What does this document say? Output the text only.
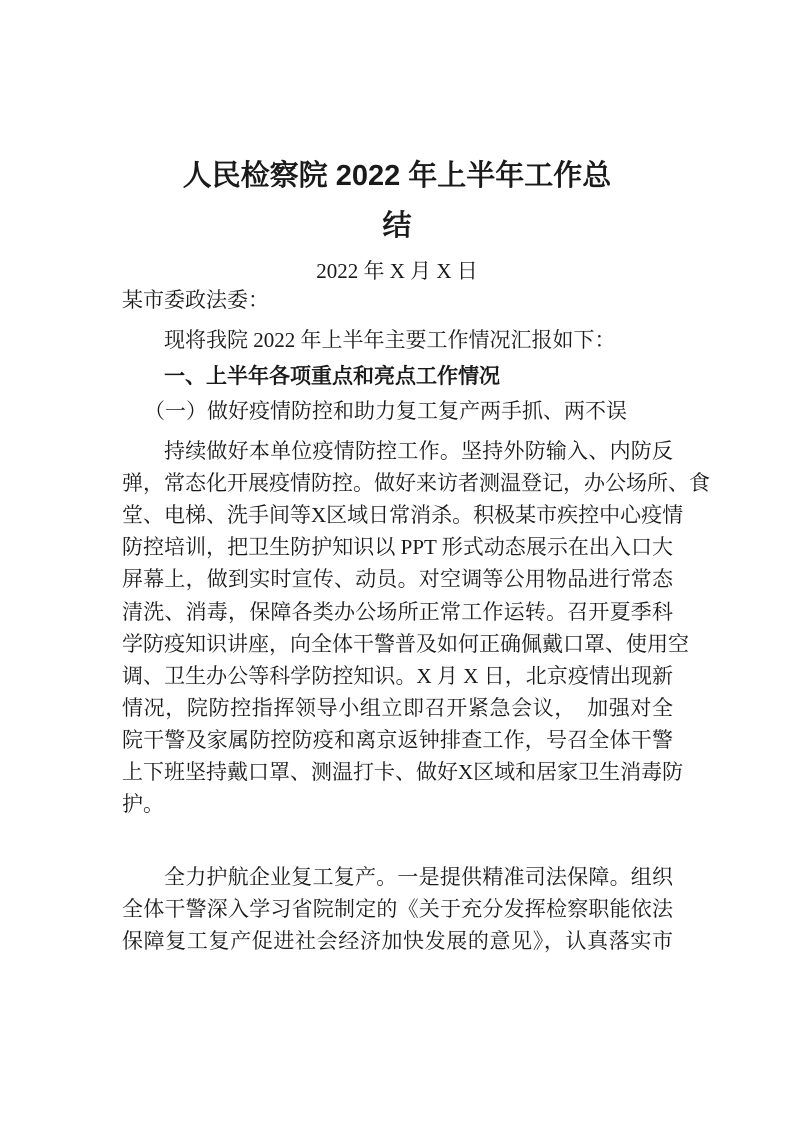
人民检察院 2022 年上半年工作总
结
2022 年 X 月 X 日
某市委政法委：
现将我院 2022 年上半年主要工作情况汇报如下：
一、上半年各项重点和亮点工作情况
（一）做好疫情防控和助力复工复产两手抓、两不误
持续做好本单位疫情防控工作。坚持外防输入、内防反
弹，常态化开展疫情防控。做好来访者测温登记，办公场所、食
堂、电梯、洗手间等X区域日常消杀。积极某市疾控中心疫情
防控培训，把卫生防护知识以 PPT 形式动态展示在出入口大
屏幕上，做到实时宣传、动员。对空调等公用物品进行常态
清洗、消毒，保障各类办公场所正常工作运转。召开夏季科
学防疫知识讲座，向全体干警普及如何正确佩戴口罩、使用空
调、卫生办公等科学防控知识。X 月 X 日，北京疫情出现新
情况，院防控指挥领导小组立即召开紧急会议，　加强对全
院干警及家属防控防疫和离京返钟排查工作，号召全体干警
上下班坚持戴口罩、测温打卡、做好X区域和居家卫生消毒防
护。
全力护航企业复工复产。一是提供精准司法保障。组织
全体干警深入学习省院制定的《关于充分发挥检察职能依法
保障复工复产促进社会经济加快发展的意见》，认真落实市
